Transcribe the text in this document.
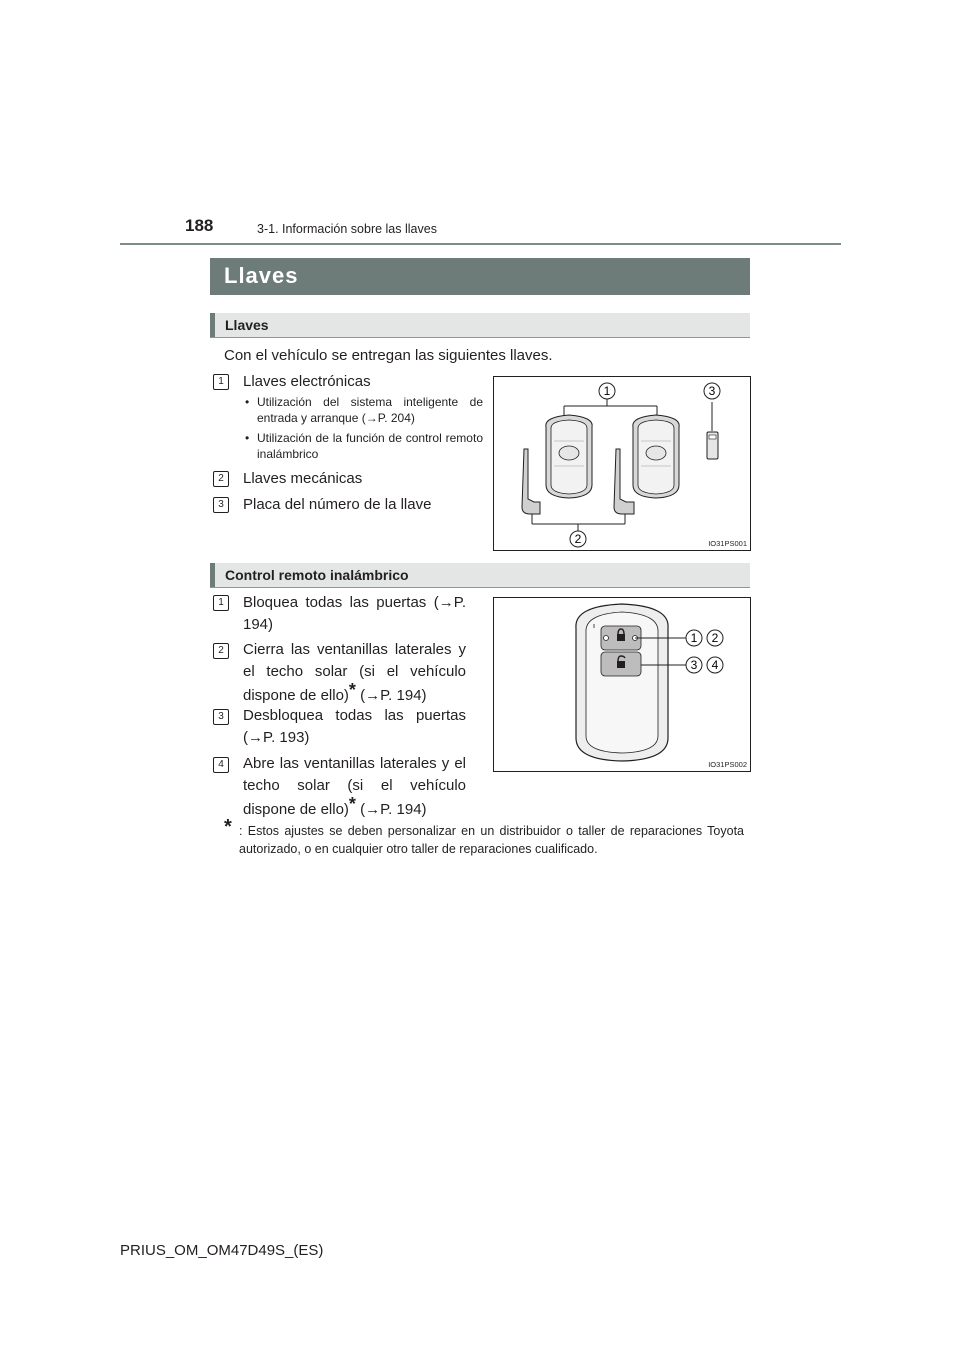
188	3-1. Información sobre las llaves
Llaves
Llaves
Con el vehículo se entregan las siguientes llaves.
1	Llaves electrónicas
• Utilización del sistema inteligente de entrada y arranque (→P. 204)
• Utilización de la función de control remoto inalámbrico
2	Llaves mecánicas
3	Placa del número de la llave
1	3
2	IO31PS001
Control remoto inalámbrico
1	Bloquea todas las puertas (→P. 194)
2	Cierra las ventanillas laterales y el techo solar (si el vehículo dispone de ello)* (→P. 194)
3	Desbloquea todas las puertas (→P. 193)
4	Abre las ventanillas laterales y el techo solar (si el vehículo dispone de ello)* (→P. 194)
1 2
3 4
IO31PS002
* : Estos ajustes se deben personalizar en un distribuidor o taller de reparaciones Toyota autorizado, o en cualquier otro taller de reparaciones cualificado.
PRIUS_OM_OM47D49S_(ES)
